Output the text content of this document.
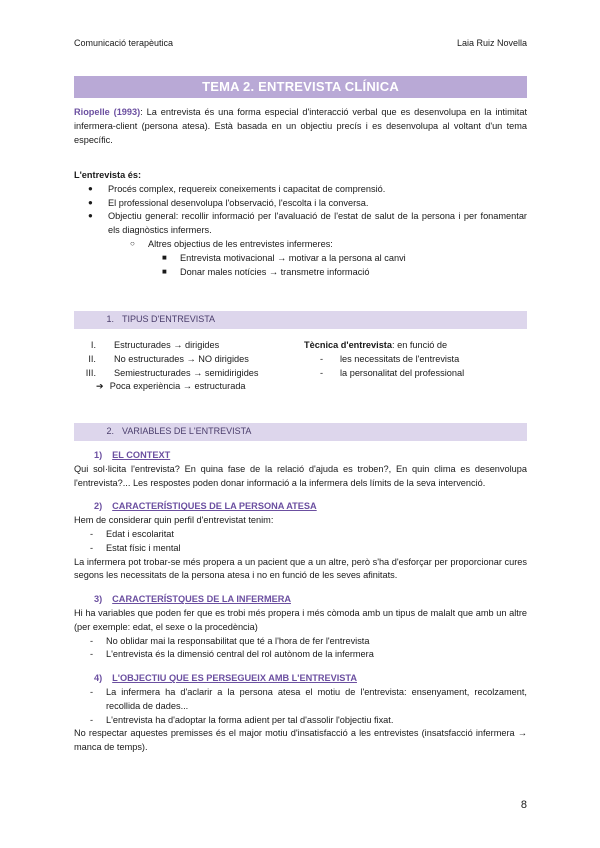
Comunicació terapèutica	Laia Ruiz Novella
TEMA 2. ENTREVISTA CLÍNICA
Riopelle (1993): La entrevista és una forma especial d'interacció verbal que es desenvolupa en la intimitat infermera-client (persona atesa). Està basada en un objectiu precís i es desenvolupa al voltant d'un tema específic.
L'entrevista és:
● Procés complex, requereix coneixements i capacitat de comprensió.
● El professional desenvolupa l'observació, l'escolta i la conversa.
● Objectiu general: recollir informació per l'avaluació de l'estat de salut de la persona i per fonamentar els diagnòstics infermers.
○ Altres objectius de les entrevistes infermeres:
■ Entrevista motivacional → motivar a la persona al canvi
■ Donar males notícies → transmetre informació
1. TIPUS D'ENTREVISTA
I. Estructurades → dirigides
II. No estructurades → NO dirigides
III. Semiestructurades → semidirigides
➔ Poca experiència → estructurada
Tècnica d'entrevista: en funció de
- les necessitats de l'entrevista
- la personalitat del professional
2. VARIABLES DE L'ENTREVISTA
1) EL CONTEXT
Qui sol·licita l'entrevista? En quina fase de la relació d'ajuda es troben?, En quin clima es desenvolupa l'entrevista?... Les respostes poden donar informació a la infermera dels límits de la seva intervenció.
2) CARACTERÍSTIQUES DE LA PERSONA ATESA
Hem de considerar quin perfil d'entrevistat tenim:
- Edat i escolaritat
- Estat físic i mental
La infermera pot trobar-se més propera a un pacient que a un altre, però s'ha d'esforçar per proporcionar cures segons les necessitats de la persona atesa i no en funció de les seves afinitats.
3) CARACTERÍSTQUES DE LA INFERMERA
Hi ha variables que poden fer que es trobi més propera i més còmoda amb un tipus de malalt que amb un altre (per exemple: edat, el sexe o la procedència)
- No oblidar mai la responsabilitat que té a l'hora de fer l'entrevista
- L'entrevista és la dimensió central del rol autònom de la infermera
4) L'OBJECTIU QUE ES PERSEGUEIX AMB L'ENTREVISTA
- La infermera ha d'aclarir a la persona atesa el motiu de l'entrevista: ensenyament, recolzament, recollida de dades...
- L'entrevista ha d'adoptar la forma adient per tal d'assolir l'objectiu fixat.
No respectar aquestes premisses és el major motiu d'insatisfacció a les entrevistes (insatsfacció infermera → manca de temps).
8
